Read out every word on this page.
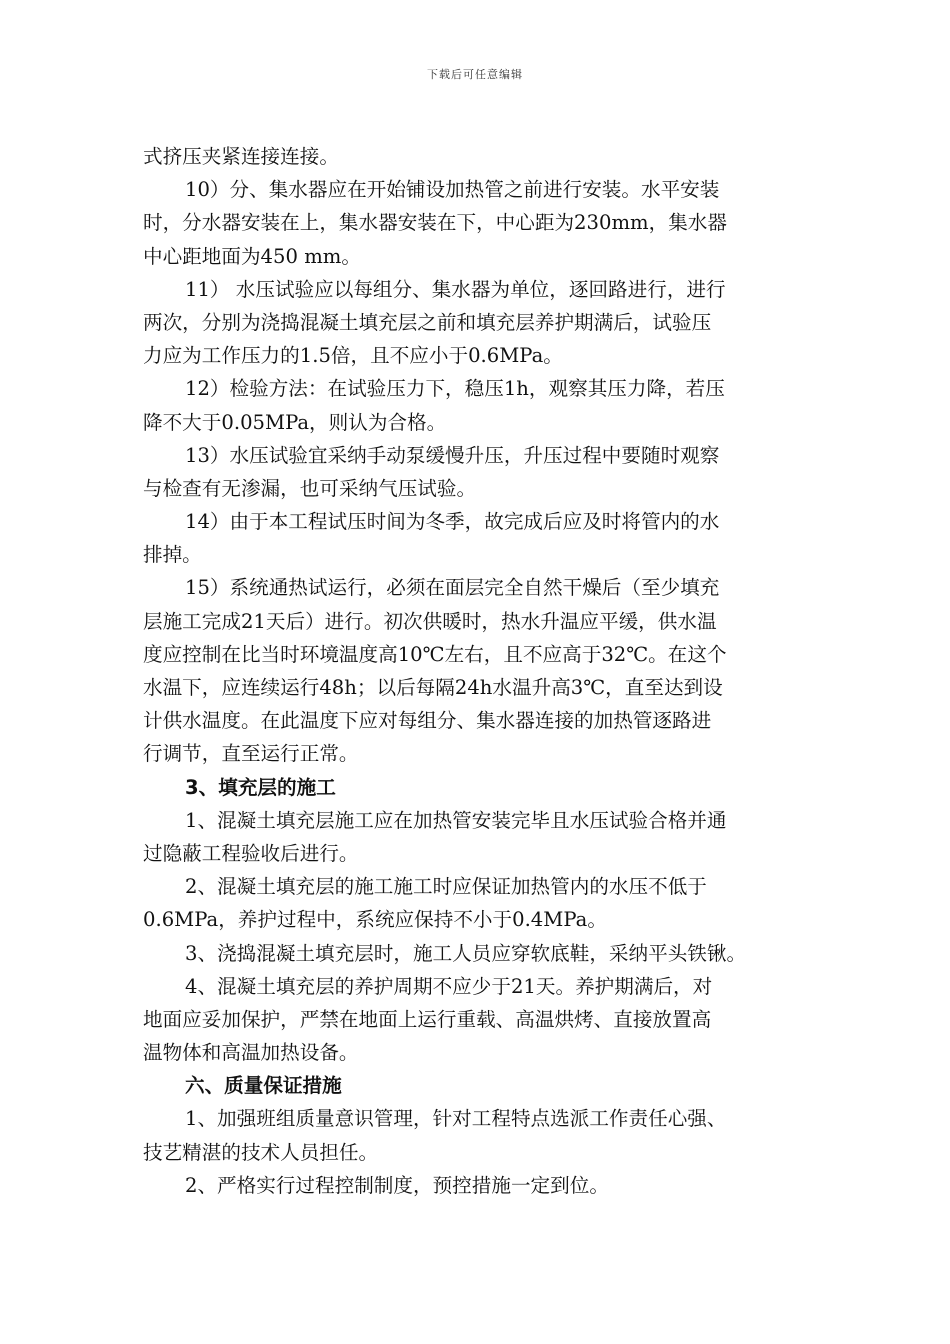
下载后可任意编辑
式挤压夹紧连接连接。
10）分、集水器应在开始铺设加热管之前进行安装。水平安装
时，分水器安装在上，集水器安装在下，中心距为230mm，集水器
中心距地面为450 mm。
11） 水压试验应以每组分、集水器为单位，逐回路进行，进行
两次，分别为浇捣混凝土填充层之前和填充层养护期满后，试验压
力应为工作压力的1.5倍，且不应小于0.6MPa。
12）检验方法：在试验压力下，稳压1h，观察其压力降，若压
降不大于0.05MPa，则认为合格。
13）水压试验宜采纳手动泵缓慢升压，升压过程中要随时观察
与检查有无渗漏，也可采纳气压试验。
14）由于本工程试压时间为冬季，故完成后应及时将管内的水
排掉。
15）系统通热试运行，必须在面层完全自然干燥后（至少填充
层施工完成21天后）进行。初次供暖时，热水升温应平缓，供水温
度应控制在比当时环境温度高10℃左右，且不应高于32℃。在这个
水温下，应连续运行48h；以后每隔24h水温升高3℃，直至达到设
计供水温度。在此温度下应对每组分、集水器连接的加热管逐路进
行调节，直至运行正常。
3、填充层的施工
1、混凝土填充层施工应在加热管安装完毕且水压试验合格并通
过隐蔽工程验收后进行。
2、混凝土填充层的施工施工时应保证加热管内的水压不低于
0.6MPa，养护过程中，系统应保持不小于0.4MPa。
3、浇捣混凝土填充层时，施工人员应穿软底鞋，采纳平头铁锹。
4、混凝土填充层的养护周期不应少于21天。养护期满后，对
地面应妥加保护，严禁在地面上运行重载、高温烘烤、直接放置高
温物体和高温加热设备。
六、质量保证措施
1、加强班组质量意识管理，针对工程特点选派工作责任心强、
技艺精湛的技术人员担任。
2、严格实行过程控制制度，预控措施一定到位。
